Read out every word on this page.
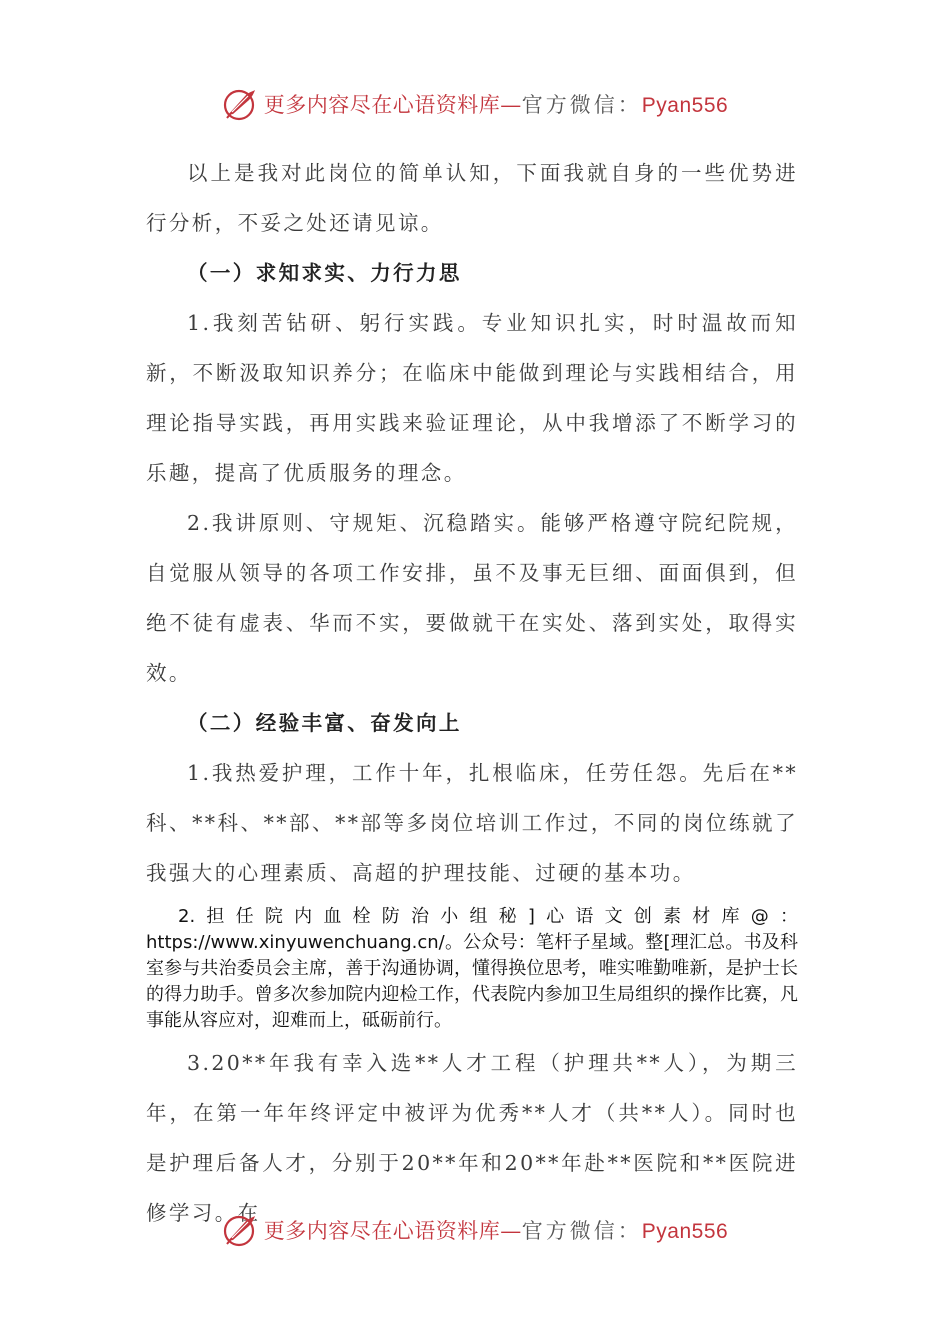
更多内容尽在心语资料库—官方微信：Pyan556

以上是我对此岗位的简单认知，下面我就自身的一些优势进行分析，不妥之处还请见谅。

（一）求知求实、力行力思

1.我刻苦钻研、躬行实践。专业知识扎实，时时温故而知新，不断汲取知识养分；在临床中能做到理论与实践相结合，用理论指导实践，再用实践来验证理论，从中我增添了不断学习的乐趣，提高了优质服务的理念。

2.我讲原则、守规矩、沉稳踏实。能够严格遵守院纪院规，自觉服从领导的各项工作安排，虽不及事无巨细、面面俱到，但绝不徒有虚表、华而不实，要做就干在实处、落到实处，取得实效。

（二）经验丰富、奋发向上

1.我热爱护理，工作十年，扎根临床，任劳任怨。先后在**科、**科、**部、**部等多岗位培训工作过，不同的岗位练就了我强大的心理素质、高超的护理技能、过硬的基本功。

2.担任院内血栓防治小组秘]心语文创素材库@：https://www.xinyuwenchuang.cn/。公众号：笔杆子星域。整[理汇总。书及科室参与共治委员会主席，善于沟通协调，懂得换位思考，唯实唯勤唯新，是护士长的得力助手。曾多次参加院内迎检工作，代表院内参加卫生局组织的操作比赛，凡事能从容应对，迎难而上，砥砺前行。

3.20**年我有幸入选**人才工程（护理共**人），为期三年，在第一年年终评定中被评为优秀**人才（共**人）。同时也是护理后备人才，分别于20**年和20**年赴**医院和**医院进修学习。在

更多内容尽在心语资料库—官方微信：Pyan556
